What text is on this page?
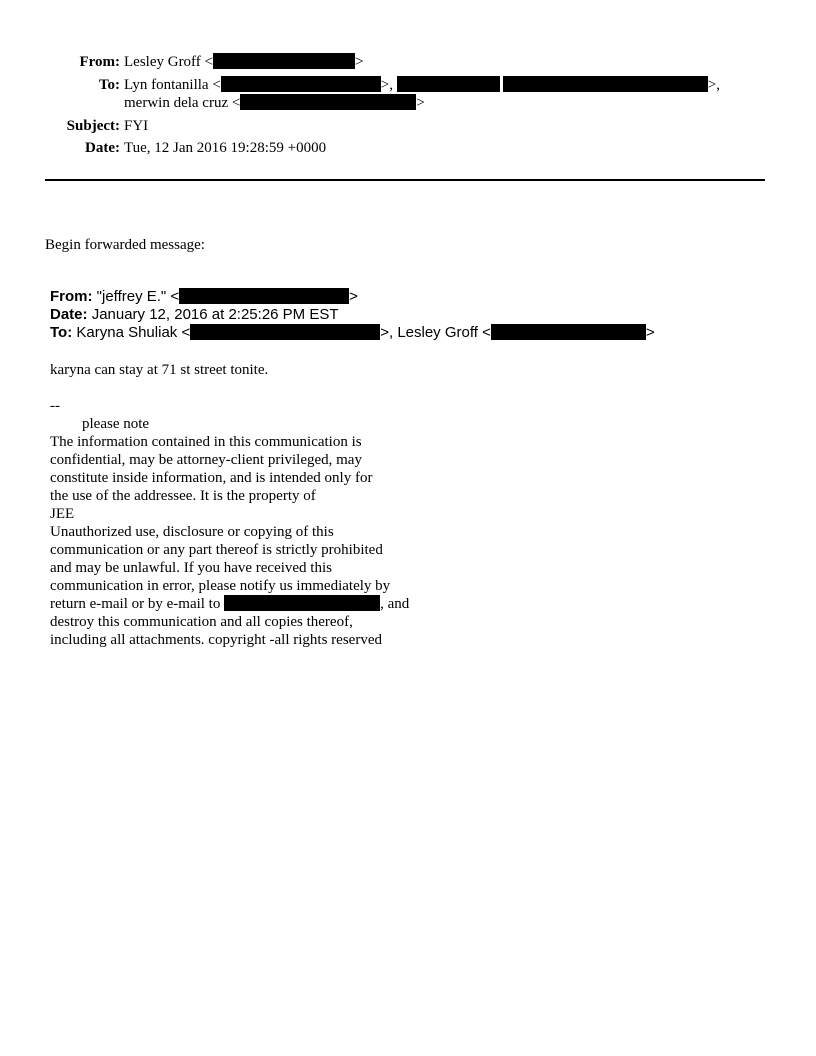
From: Lesley Groff <	>
To: Lyn fontanilla <	>,	>,
merwin dela cruz <	>
Subject: FYI
Date: Tue, 12 Jan 2016 19:28:59 +0000
Begin forwarded message:
From: "jeffrey E." <	>
Date: January 12, 2016 at 2:25:26 PM EST
To: Karyna Shuliak <	>, Lesley Groff <	>
karyna can stay at 71 st street tonite.
--
please note
The information contained in this communication is
confidential, may be attorney-client privileged, may
constitute inside information, and is intended only for
the use of the addressee. It is the property of
JEE
Unauthorized use, disclosure or copying of this
communication or any part thereof is strictly prohibited
and may be unlawful. If you have received this
communication in error, please notify us immediately by
return e-mail or by e-mail to	, and
destroy this communication and all copies thereof,
including all attachments. copyright -all rights reserved
